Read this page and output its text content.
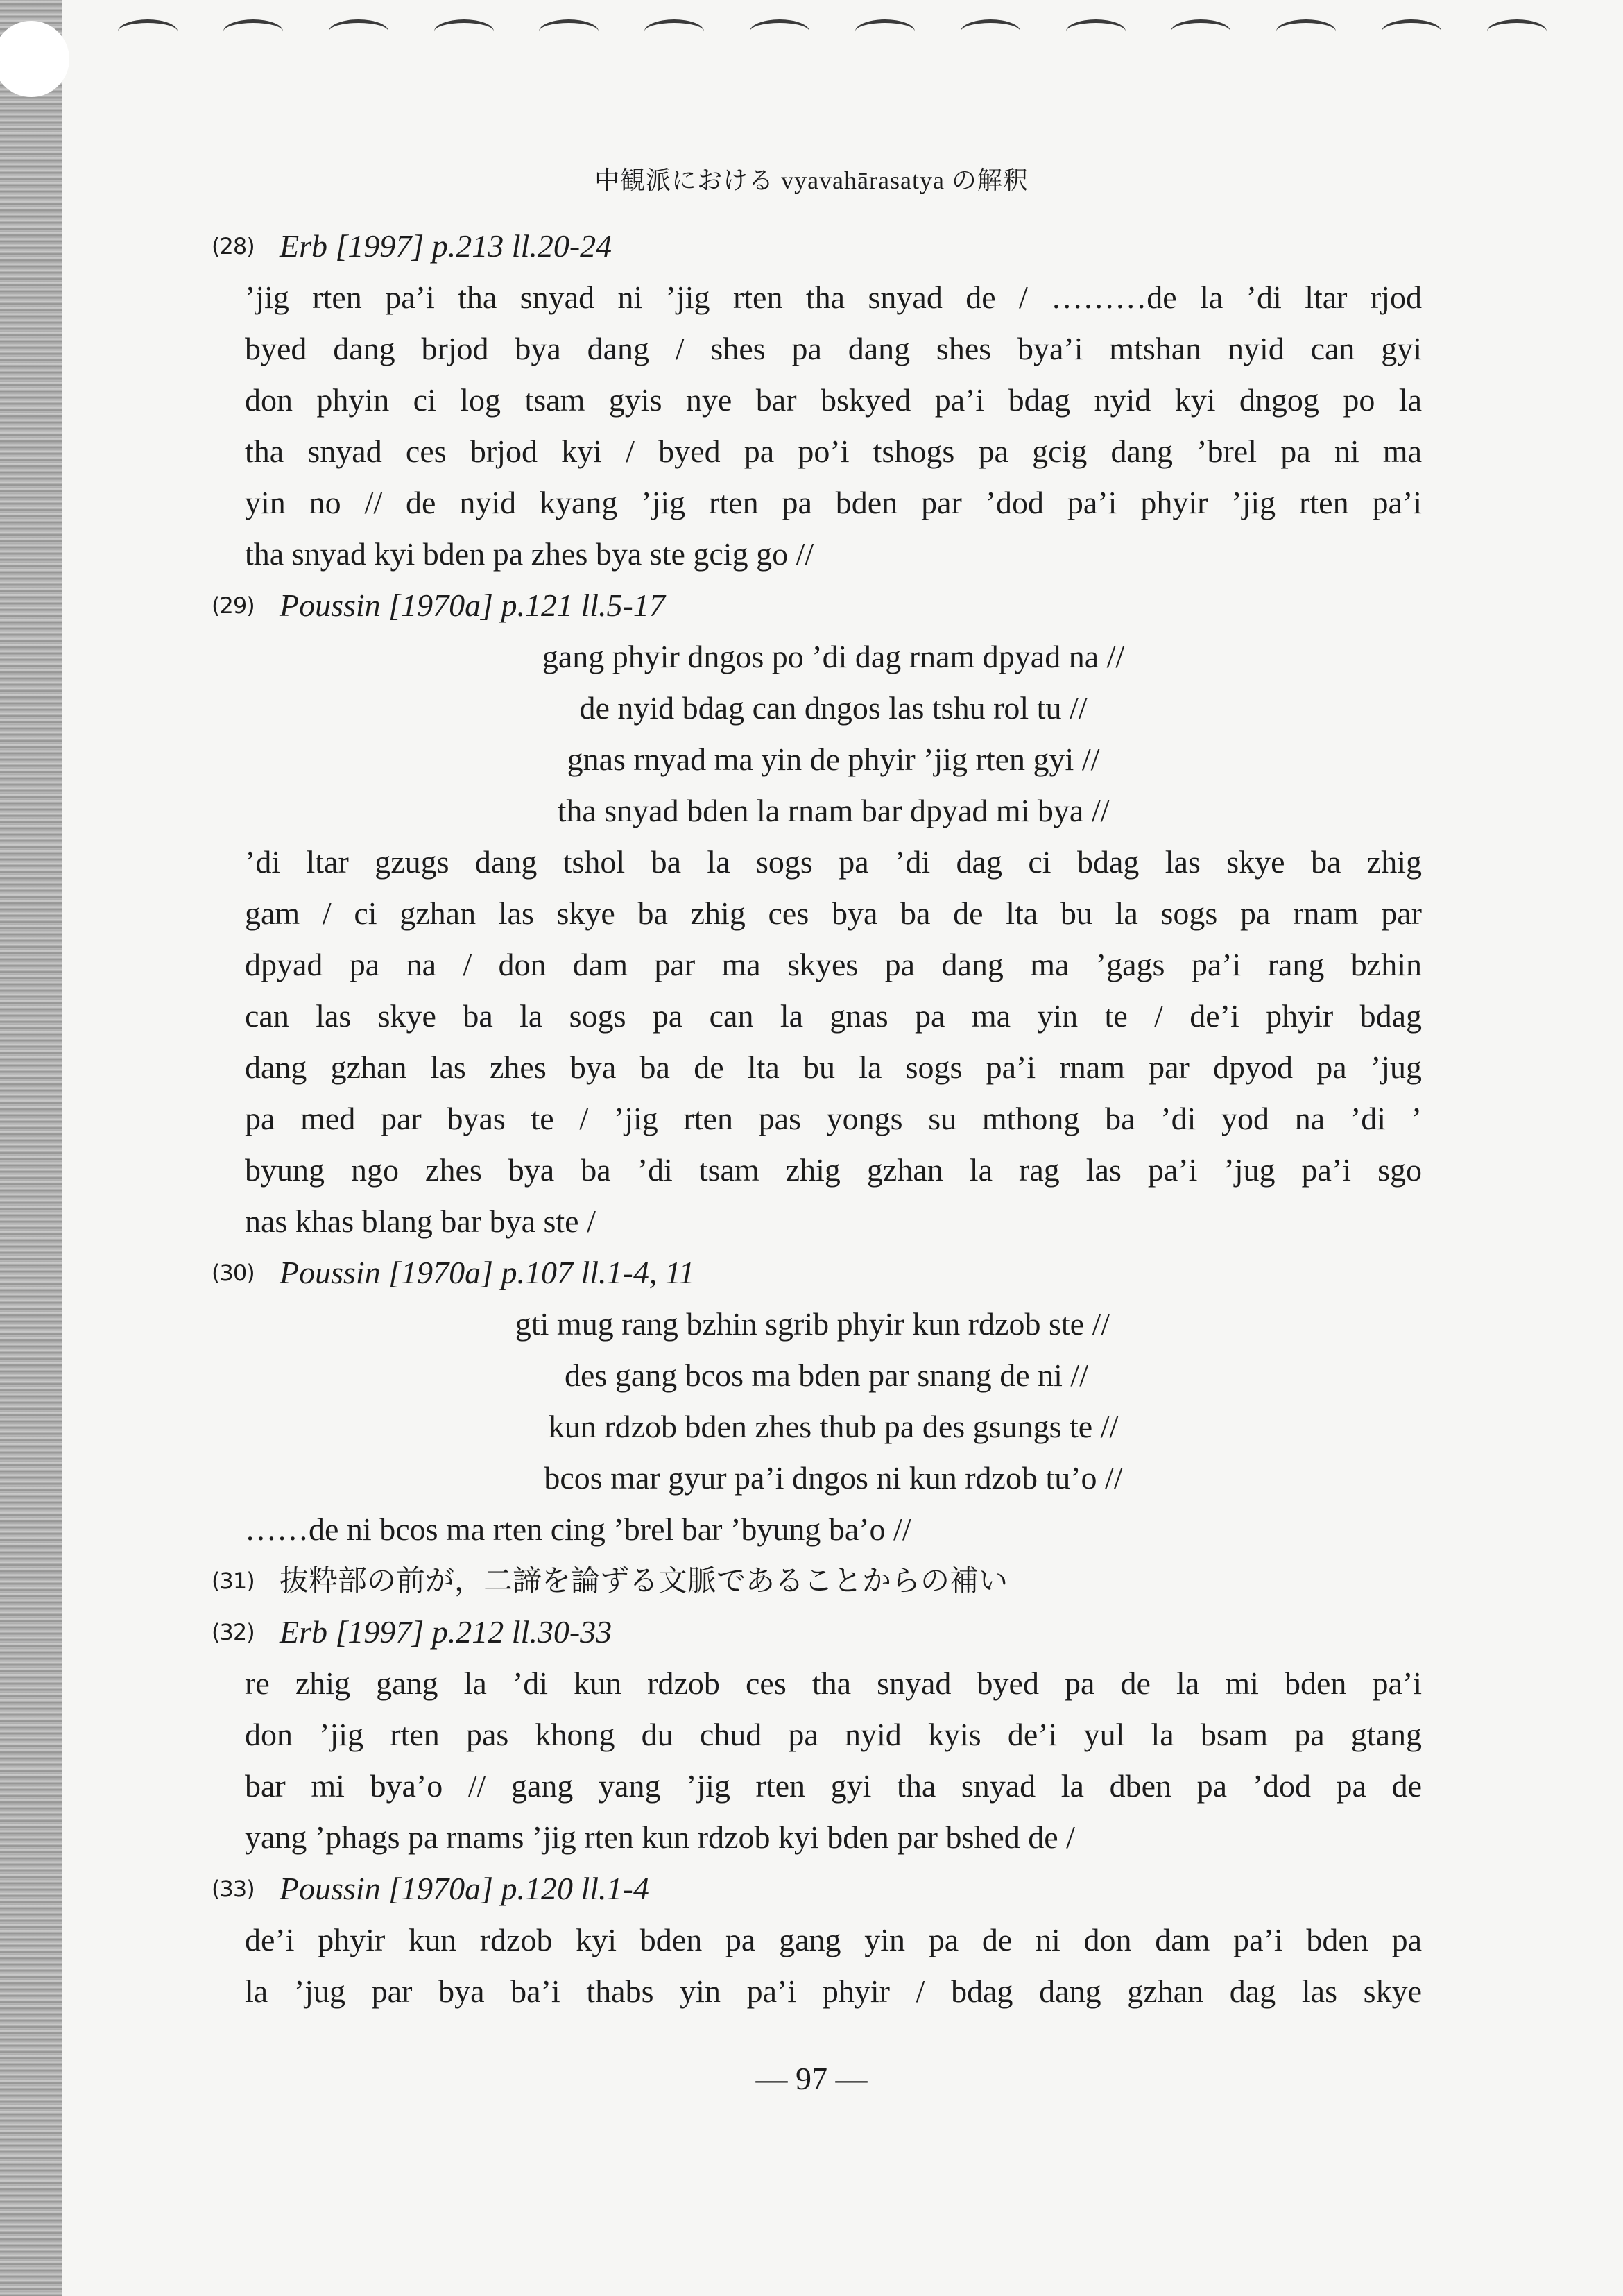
中観派における vyavahārasatya の解釈
(28) Erb [1997] p.213 ll.20-24
’jig rten pa’i tha snyad ni ’jig rten tha snyad de / ………de la ’di ltar rjod
byed dang brjod bya dang / shes pa dang shes bya’i mtshan nyid can gyi
don phyin ci log tsam gyis nye bar bskyed pa’i bdag nyid kyi dngog po la
tha snyad ces brjod kyi / byed pa po’i tshogs pa gcig dang ’brel pa ni ma
yin no // de nyid kyang ’jig rten pa bden par ’dod pa’i phyir ’jig rten pa’i
tha snyad kyi bden pa zhes bya ste gcig go //
(29) Poussin [1970a] p.121 ll.5-17
gang phyir dngos po ’di dag rnam dpyad na //
de nyid bdag can dngos las tshu rol tu //
gnas rnyad ma yin de phyir ’jig rten gyi //
tha snyad bden la rnam bar dpyad mi bya //
’di ltar gzugs dang tshol ba la sogs pa ’di dag ci bdag las skye ba zhig
gam / ci gzhan las skye ba zhig ces bya ba de lta bu la sogs pa rnam par
dpyad pa na / don dam par ma skyes pa dang ma ’gags pa’i rang bzhin
can las skye ba la sogs pa can la gnas pa ma yin te / de’i phyir bdag
dang gzhan las zhes bya ba de lta bu la sogs pa’i rnam par dpyod pa ’jug
pa med par byas te / ’jig rten pas yongs su mthong ba ’di yod na ’di ’
byung ngo zhes bya ba ’di tsam zhig gzhan la rag las pa’i ’jug pa’i sgo
nas khas blang bar bya ste /
(30) Poussin [1970a] p.107 ll.1-4, 11
gti mug rang bzhin sgrib phyir kun rdzob ste //
des gang bcos ma bden par snang de ni //
kun rdzob bden zhes thub pa des gsungs te //
bcos mar gyur pa’i dngos ni kun rdzob tu’o //
……de ni bcos ma rten cing ’brel bar ’byung ba’o //
(31) 抜粋部の前が，二諦を論ずる文脈であることからの補い
(32) Erb [1997] p.212 ll.30-33
re zhig gang la ’di kun rdzob ces tha snyad byed pa de la mi bden pa’i
don ’jig rten pas khong du chud pa nyid kyis de’i yul la bsam pa gtang
bar mi bya’o // gang yang ’jig rten gyi tha snyad la dben pa ’dod pa de
yang ’phags pa rnams ’jig rten kun rdzob kyi bden par bshed de /
(33) Poussin [1970a] p.120 ll.1-4
de’i phyir kun rdzob kyi bden pa gang yin pa de ni don dam pa’i bden pa
la ’jug par bya ba’i thabs yin pa’i phyir / bdag dang gzhan dag las skye
— 97 —
